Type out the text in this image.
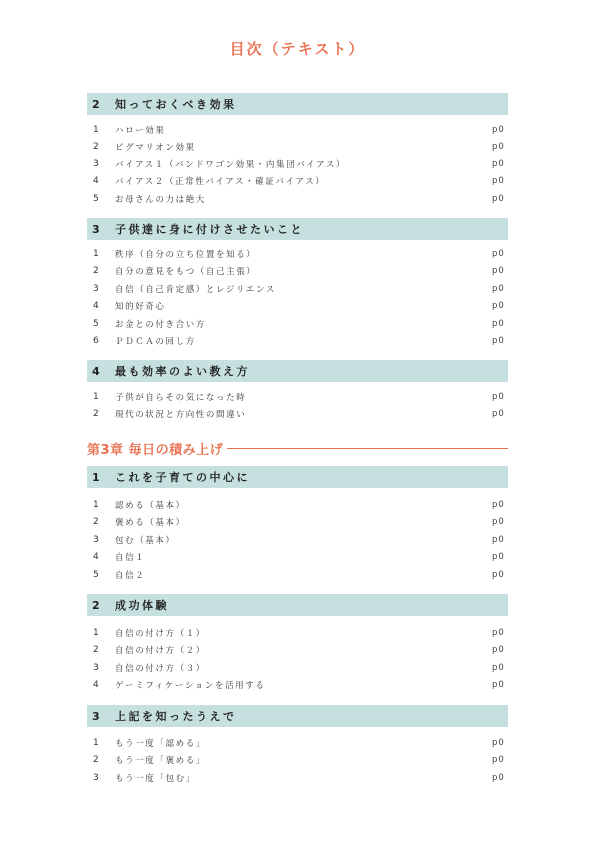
目次（テキスト）
2	知っておくべき効果
1	ハロー効果	p0
2	ピグマリオン効果	p0
3	バイアス１（バンドワゴン効果・内集団バイアス）	p0
4	バイアス２（正常性バイアス・確証バイアス）	p0
5	お母さんの力は絶大	p0
3	子供達に身に付けさせたいこと
1	秩序（自分の立ち位置を知る）	p0
2	自分の意見をもつ（自己主張）	p0
3	自信（自己肯定感）とレジリエンス	p0
4	知的好奇心	p0
5	お金との付き合い方	p0
6	ＰＤＣＡの回し方	p0
4	最も効率のよい教え方
1	子供が自らその気になった時	p0
2	現代の状況と方向性の間違い	p0
第3章 毎日の積み上げ
1	これを子育ての中心に
1	認める（基本）	p0
2	褒める（基本）	p0
3	包む（基本）	p0
4	自信１	p0
5	自信２	p0
2	成功体験
1	自信の付け方（１）	p0
2	自信の付け方（２）	p0
3	自信の付け方（３）	p0
4	ゲーミフィケーションを活用する	p0
3	上記を知ったうえで
1	もう一度「認める」	p0
2	もう一度「褒める」	p0
3	もう一度「包む」	p0
